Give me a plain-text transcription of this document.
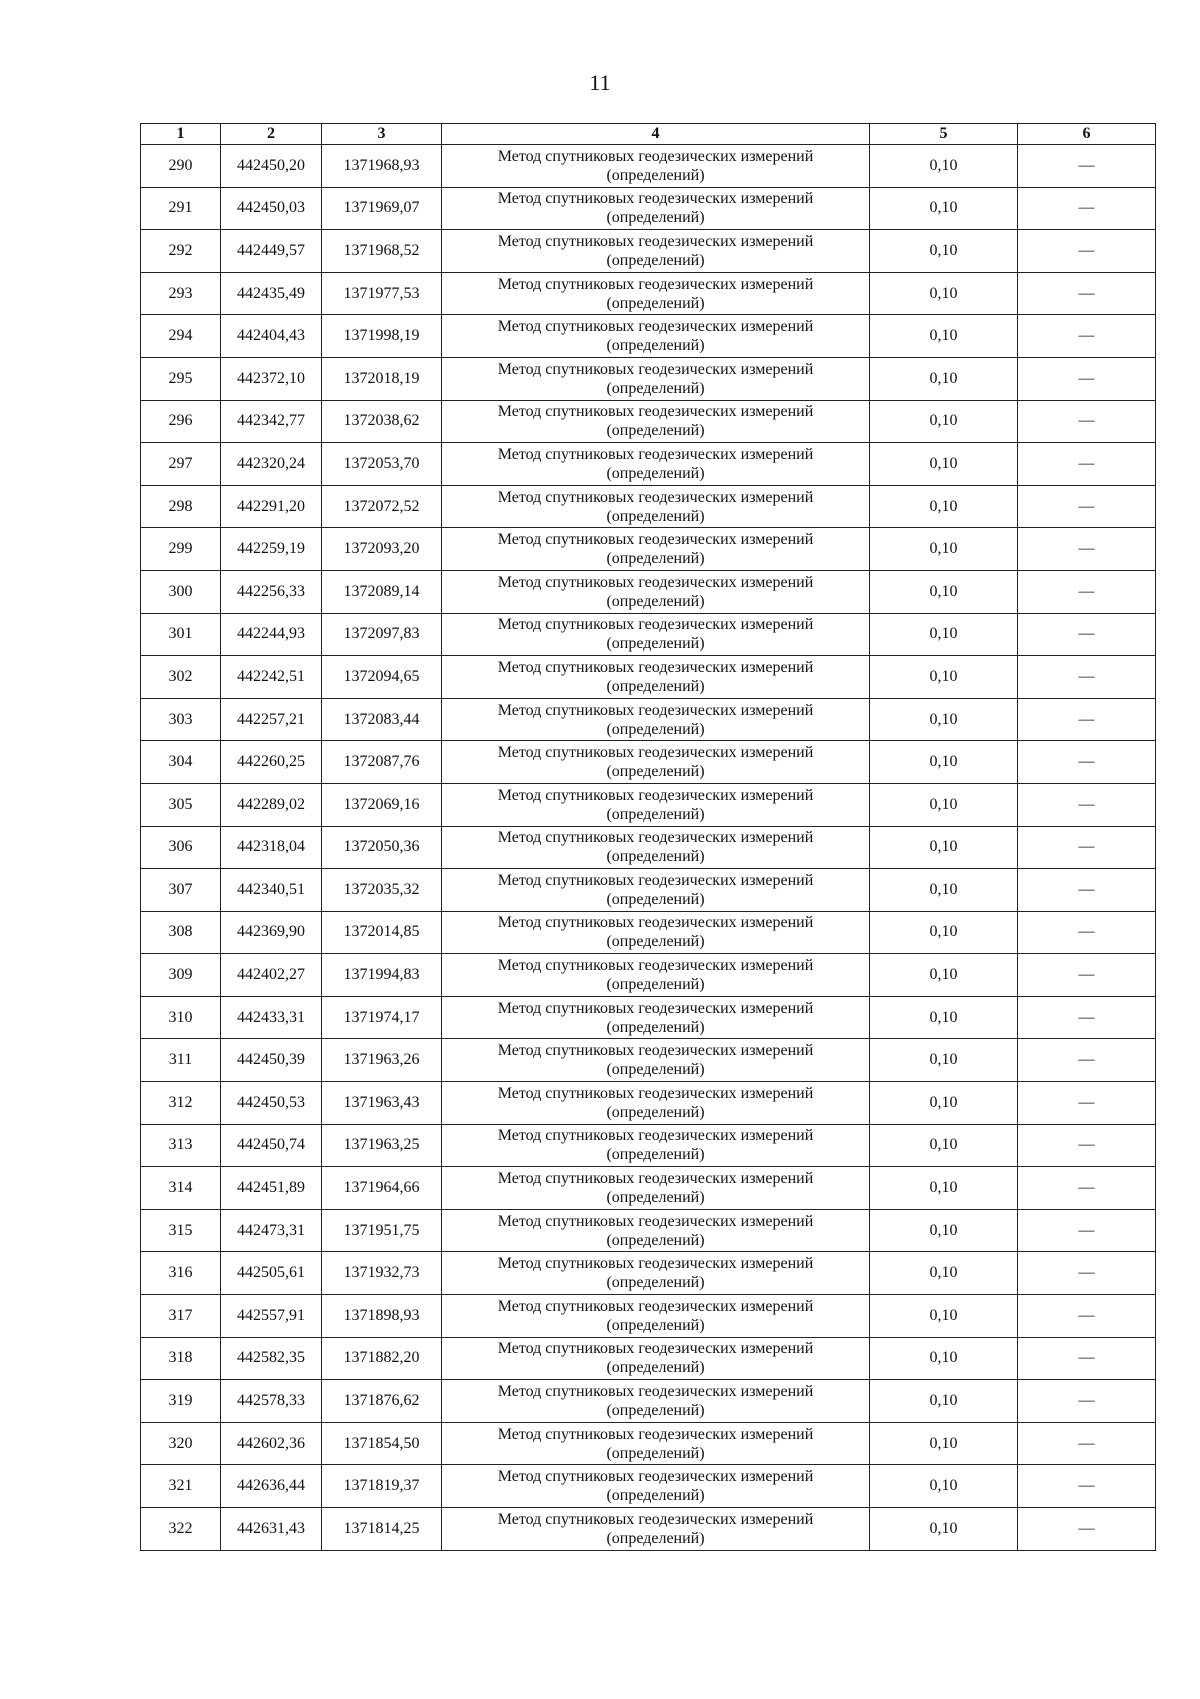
11
1	2	3	4	5	6
290	442450,20	1371968,93	Метод спутниковых геодезических измерений
(определений)	0,10	—
291	442450,03	1371969,07	Метод спутниковых геодезических измерений
(определений)	0,10	—
292	442449,57	1371968,52	Метод спутниковых геодезических измерений
(определений)	0,10	—
293	442435,49	1371977,53	Метод спутниковых геодезических измерений
(определений)	0,10	—
294	442404,43	1371998,19	Метод спутниковых геодезических измерений
(определений)	0,10	—
295	442372,10	1372018,19	Метод спутниковых геодезических измерений
(определений)	0,10	—
296	442342,77	1372038,62	Метод спутниковых геодезических измерений
(определений)	0,10	—
297	442320,24	1372053,70	Метод спутниковых геодезических измерений
(определений)	0,10	—
298	442291,20	1372072,52	Метод спутниковых геодезических измерений
(определений)	0,10	—
299	442259,19	1372093,20	Метод спутниковых геодезических измерений
(определений)	0,10	—
300	442256,33	1372089,14	Метод спутниковых геодезических измерений
(определений)	0,10	—
301	442244,93	1372097,83	Метод спутниковых геодезических измерений
(определений)	0,10	—
302	442242,51	1372094,65	Метод спутниковых геодезических измерений
(определений)	0,10	—
303	442257,21	1372083,44	Метод спутниковых геодезических измерений
(определений)	0,10	—
304	442260,25	1372087,76	Метод спутниковых геодезических измерений
(определений)	0,10	—
305	442289,02	1372069,16	Метод спутниковых геодезических измерений
(определений)	0,10	—
306	442318,04	1372050,36	Метод спутниковых геодезических измерений
(определений)	0,10	—
307	442340,51	1372035,32	Метод спутниковых геодезических измерений
(определений)	0,10	—
308	442369,90	1372014,85	Метод спутниковых геодезических измерений
(определений)	0,10	—
309	442402,27	1371994,83	Метод спутниковых геодезических измерений
(определений)	0,10	—
310	442433,31	1371974,17	Метод спутниковых геодезических измерений
(определений)	0,10	—
311	442450,39	1371963,26	Метод спутниковых геодезических измерений
(определений)	0,10	—
312	442450,53	1371963,43	Метод спутниковых геодезических измерений
(определений)	0,10	—
313	442450,74	1371963,25	Метод спутниковых геодезических измерений
(определений)	0,10	—
314	442451,89	1371964,66	Метод спутниковых геодезических измерений
(определений)	0,10	—
315	442473,31	1371951,75	Метод спутниковых геодезических измерений
(определений)	0,10	—
316	442505,61	1371932,73	Метод спутниковых геодезических измерений
(определений)	0,10	—
317	442557,91	1371898,93	Метод спутниковых геодезических измерений
(определений)	0,10	—
318	442582,35	1371882,20	Метод спутниковых геодезических измерений
(определений)	0,10	—
319	442578,33	1371876,62	Метод спутниковых геодезических измерений
(определений)	0,10	—
320	442602,36	1371854,50	Метод спутниковых геодезических измерений
(определений)	0,10	—
321	442636,44	1371819,37	Метод спутниковых геодезических измерений
(определений)	0,10	—
322	442631,43	1371814,25	Метод спутниковых геодезических измерений
(определений)	0,10	—
